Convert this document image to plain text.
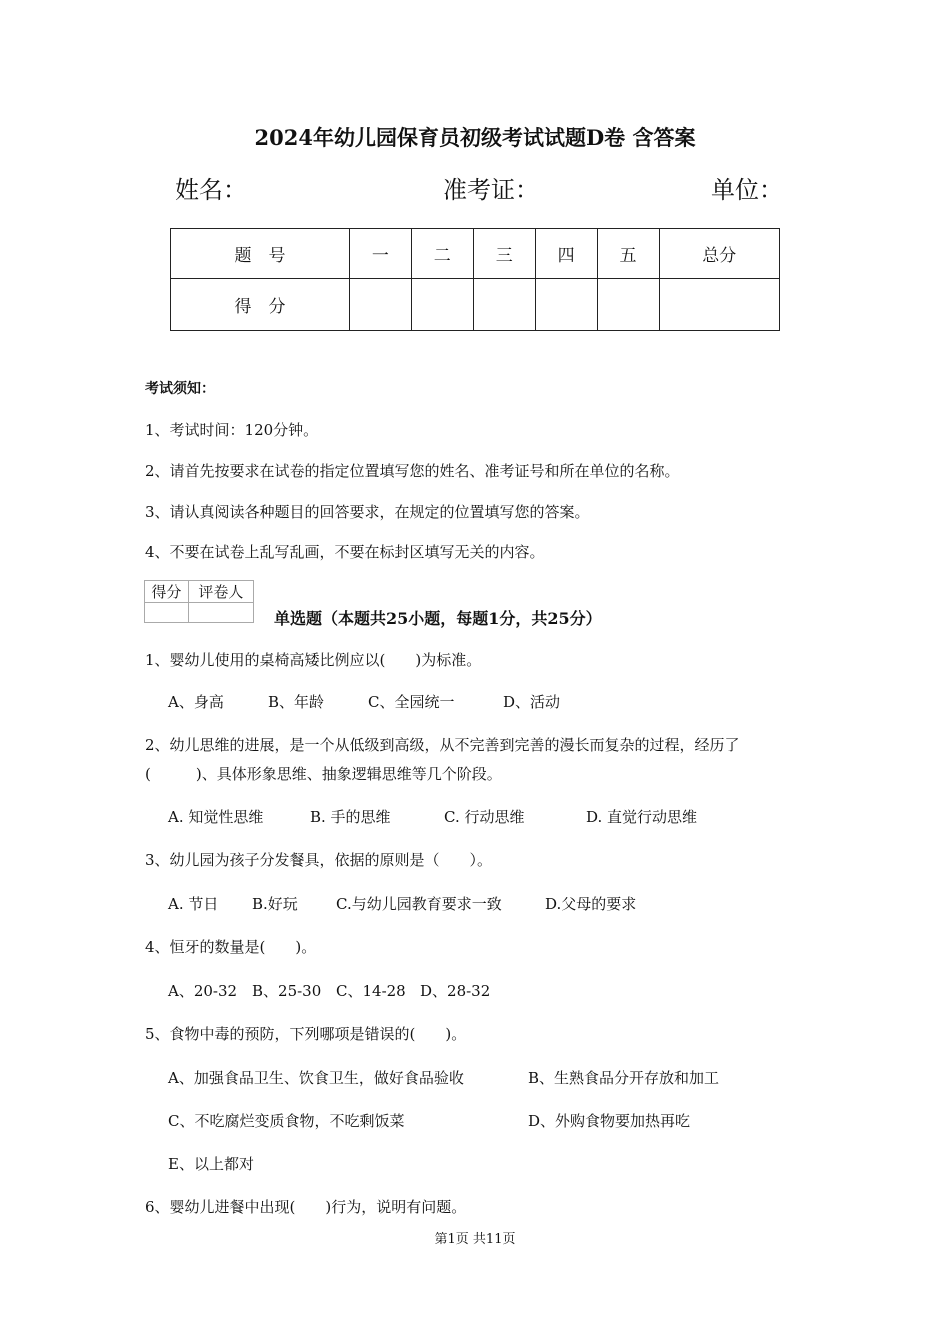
2024年幼儿园保育员初级考试试题D卷 含答案
姓名：	准考证：	单位：
题　号	一	二	三	四	五	总分
得　分						
考试须知：
1、考试时间：120分钟。
2、请首先按要求在试卷的指定位置填写您的姓名、准考证号和所在单位的名称。
3、请认真阅读各种题目的回答要求，在规定的位置填写您的答案。
4、不要在试卷上乱写乱画，不要在标封区填写无关的内容。
得分	评卷人

单选题（本题共25小题，每题1分，共25分）
1、婴幼儿使用的桌椅高矮比例应以(　　)为标准。
A、身高	B、年龄	C、全园统一	D、活动
2、幼儿思维的进展，是一个从低级到高级，从不完善到完善的漫长而复杂的过程，经历了
(　　　)、具体形象思维、抽象逻辑思维等几个阶段。
A. 知觉性思维	B. 手的思维	C. 行动思维	D. 直觉行动思维
3、幼儿园为孩子分发餐具，依据的原则是（　　）。
A. 节日 B.好玩	C.与幼儿园教育要求一致	D.父母的要求
4、恒牙的数量是(　　)。
A、20-32 B、25-30 C、14-28 D、28-32
5、食物中毒的预防，下列哪项是错误的(　　)。
A、加强食品卫生、饮食卫生，做好食品验收	B、生熟食品分开存放和加工
C、不吃腐烂变质食物，不吃剩饭菜	D、外购食物要加热再吃
E、以上都对
6、婴幼儿进餐中出现(　　)行为，说明有问题。
第1页 共11页
